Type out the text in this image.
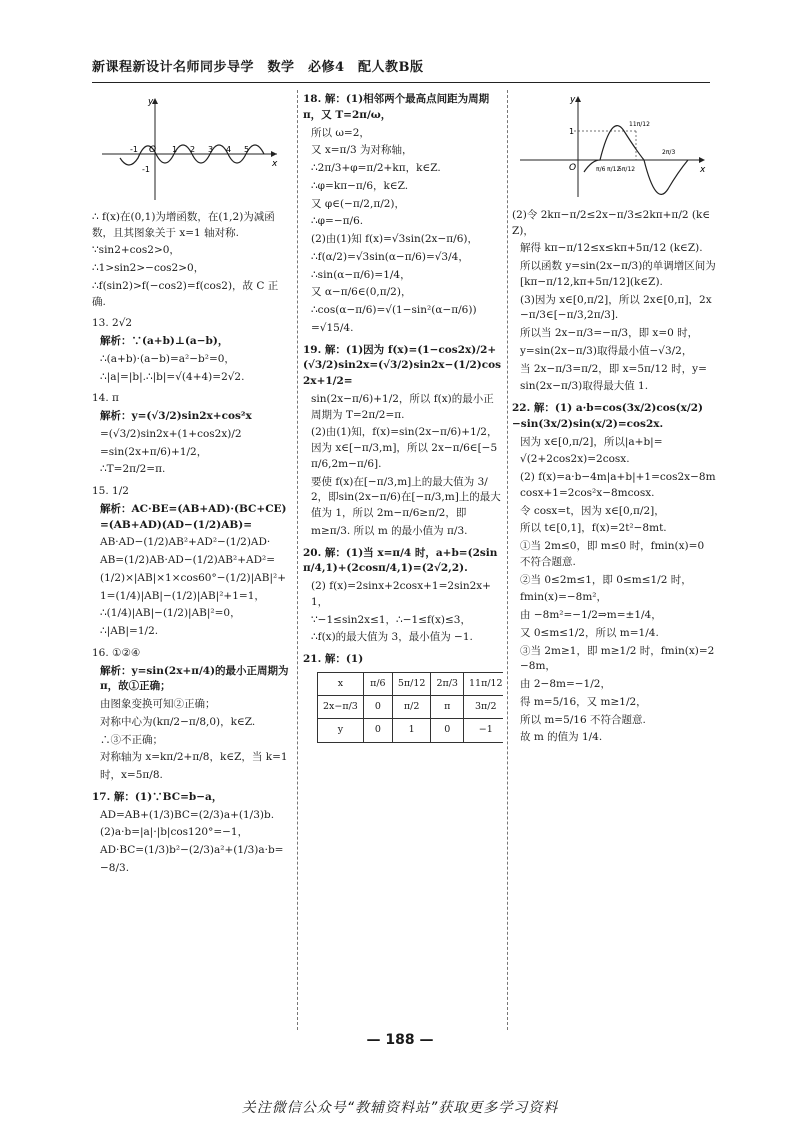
新课程新设计名师同步导学　数学　必修4　配人教B版
y
x
O
-1	1 2 3 4 5
-1
∴ f(x)在(0,1)为增函数，在(1,2)为减函数，且其图象关于 x=1 轴对称.
∵sin2+cos2>0，
∴1>sin2>−cos2>0，
∴f(sin2)>f(−cos2)=f(cos2)，故 C 正确.
13. 2√2
解析：∵(a+b)⊥(a−b)，
∴(a+b)·(a−b)=a²−b²=0，
∴|a|=|b|.∴|b|=√(4+4)=2√2.
14. π
解析：y=(√3/2)sin2x+cos²x
=(√3/2)sin2x+(1+cos2x)/2
=sin(2x+π/6)+1/2，
∴T=2π/2=π.
15. 1/2
解析：AC·BE=(AB+AD)·(BC+CE)=(AB+AD)(AD−(1/2)AB)=
AB·AD−(1/2)AB²+AD²−(1/2)AD·
AB=(1/2)AB·AD−(1/2)AB²+AD²=
(1/2)×|AB|×1×cos60°−(1/2)|AB|²+
1=(1/4)|AB|−(1/2)|AB|²+1=1，
∴(1/4)|AB|−(1/2)|AB|²=0，
∴|AB|=1/2.
16. ①②④
解析：y=sin(2x+π/4)的最小正周期为 π，故①正确；
由图象变换可知②正确；
对称中心为(kπ/2−π/8,0)，k∈Z.
∴③不正确；
对称轴为 x=kπ/2+π/8，k∈Z，当 k=1
时，x=5π/8.
17. 解：(1)∵BC=b−a，
AD=AB+(1/3)BC=(2/3)a+(1/3)b.
(2)a·b=|a|·|b|cos120°=−1，
AD·BC=(1/3)b²−(2/3)a²+(1/3)a·b=
−8/3.
18. 解：(1)相邻两个最高点间距为周期 π，又 T=2π/ω，
所以 ω=2，
又 x=π/3 为对称轴，
∴2π/3+φ=π/2+kπ，k∈Z.
∴φ=kπ−π/6，k∈Z.
又 φ∈(−π/2,π/2)，
∴φ=−π/6.
(2)由(1)知 f(x)=√3sin(2x−π/6)，
∴f(α/2)=√3sin(α−π/6)=√3/4，
∴sin(α−π/6)=1/4，
又 α−π/6∈(0,π/2)，
∴cos(α−π/6)=√(1−sin²(α−π/6))
=√15/4.
19. 解：(1)因为 f(x)=(1−cos2x)/2+(√3/2)sin2x=(√3/2)sin2x−(1/2)cos2x+1/2=
sin(2x−π/6)+1/2，所以 f(x)的最小正周期为 T=2π/2=π.
(2)由(1)知，f(x)=sin(2x−π/6)+1/2，因为 x∈[−π/3,m]，所以 2x−π/6∈[−5π/6,2m−π/6].
要使 f(x)在[−π/3,m]上的最大值为 3/2，即sin(2x−π/6)在[−π/3,m]上的最大值为 1，所以 2m−π/6≥π/2，即
m≥π/3. 所以 m 的最小值为 π/3.
20. 解：(1)当 x=π/4 时，a+b=(2sinπ/4,1)+(2cosπ/4,1)=(2√2,2).
(2) f(x)=2sinx+2cosx+1=2sin2x+1，
∵−1≤sin2x≤1，∴−1≤f(x)≤3，
∴f(x)的最大值为 3，最小值为 −1.
21. 解：(1)
x	π/6	5π/12	2π/3	11π/12	
2x−π/3	0	π/2	π	3π/2	
y	0	1	0	−1	
y
x
O
1
π/6 π/12
5π/12
11π/12
2π/3
(2)令 2kπ−π/2≤2x−π/3≤2kπ+π/2 (k∈Z)，
解得 kπ−π/12≤x≤kπ+5π/12 (k∈Z).
所以函数 y=sin(2x−π/3)的单调增区间为[kπ−π/12,kπ+5π/12](k∈Z).
(3)因为 x∈[0,π/2]，所以 2x∈[0,π]，2x−π/3∈[−π/3,2π/3].
所以当 2x−π/3=−π/3，即 x=0 时，
y=sin(2x−π/3)取得最小值−√3/2，
当 2x−π/3=π/2，即 x=5π/12 时，y=
sin(2x−π/3)取得最大值 1.
22. 解：(1) a·b=cos(3x/2)cos(x/2)−sin(3x/2)sin(x/2)=cos2x.
因为 x∈[0,π/2]，所以|a+b|=
√(2+2cos2x)=2cosx.
(2) f(x)=a·b−4m|a+b|+1=cos2x−8mcosx+1=2cos²x−8mcosx.
令 cosx=t，因为 x∈[0,π/2]，
所以 t∈[0,1]，f(x)=2t²−8mt.
①当 2m≤0，即 m≤0 时，fmin(x)=0 不符合题意.
②当 0≤2m≤1，即 0≤m≤1/2 时，
fmin(x)=−8m²，
由 −8m²=−1/2⇒m=±1/4，
又 0≤m≤1/2，所以 m=1/4.
③当 2m≥1，即 m≥1/2 时，fmin(x)=2−8m，
由 2−8m=−1/2，
得 m=5/16，又 m≥1/2，
所以 m=5/16 不符合题意.
故 m 的值为 1/4.
— 188 —
关注微信公众号“教辅资料站”获取更多学习资料
